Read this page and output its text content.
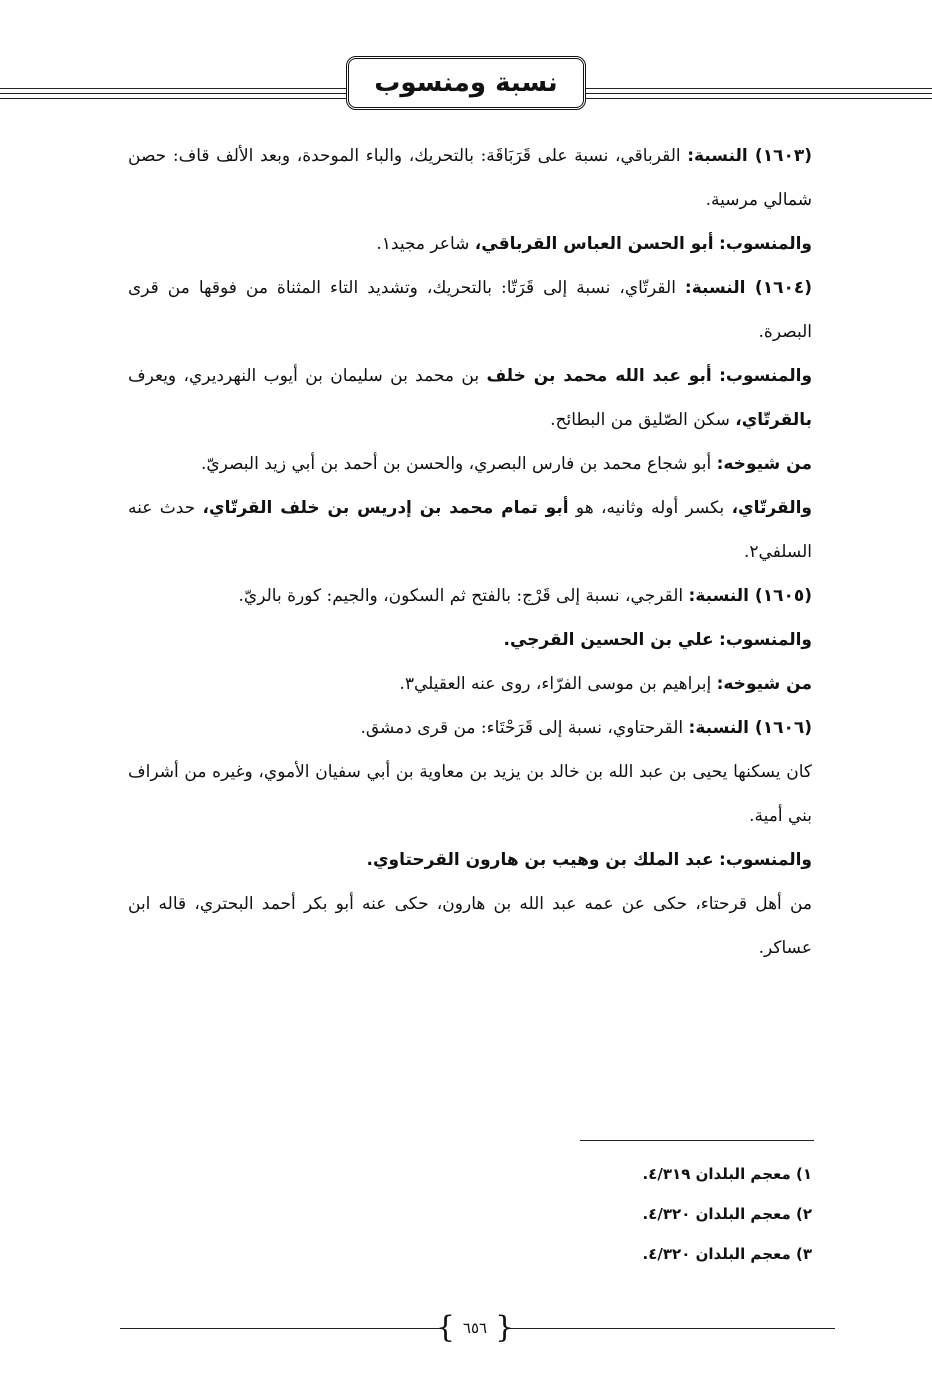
نسبة ومنسوب

(١٦٠٣) النسبة: القرباقي، نسبة على قَرَبَاقَة: بالتحريك، والباء الموحدة، وبعد الألف قاف: حصن شمالي مرسية.

والمنسوب: أبو الحسن العباس القرباقي، شاعر مجيد١.

(١٦٠٤) النسبة: القرتّاي، نسبة إلى قَرَتّا: بالتحريك، وتشديد التاء المثناة من فوقها من قرى البصرة.

والمنسوب: أبو عبد الله محمد بن خلف بن محمد بن سليمان بن أيوب النهرديري، ويعرف بالقرتّاي، سكن الصّليق من البطائح.

من شيوخه: أبو شجاع محمد بن فارس البصري، والحسن بن أحمد بن أبي زيد البصريّ.

والقرتّاي، بكسر أوله وثانيه، هو أبو تمام محمد بن إدريس بن خلف القرتّاي، حدث عنه السلفي٢.

(١٦٠٥) النسبة: القرجي، نسبة إلى قَرْج: بالفتح ثم السكون، والجيم: كورة بالريّ.

والمنسوب: علي بن الحسين القرجي.

من شيوخه: إبراهيم بن موسى الفرّاء، روى عنه العقيلي٣.

(١٦٠٦) النسبة: القرحتاوي، نسبة إلى قَرَحْتَاء: من قرى دمشق.

كان يسكنها يحيى بن عبد الله بن خالد بن يزيد بن معاوية بن أبي سفيان الأموي، وغيره من أشراف بني أمية.

والمنسوب: عبد الملك بن وهيب بن هارون القرحتاوي.

من أهل قرحتاء، حكى عن عمه عبد الله بن هارون، حكى عنه أبو بكر أحمد البحتري، قاله ابن عساكر.

١) معجم البلدان ٤/٣١٩.
٢) معجم البلدان ٤/٣٢٠.
٣) معجم البلدان ٤/٣٢٠.
{ ٦٥٦ }
